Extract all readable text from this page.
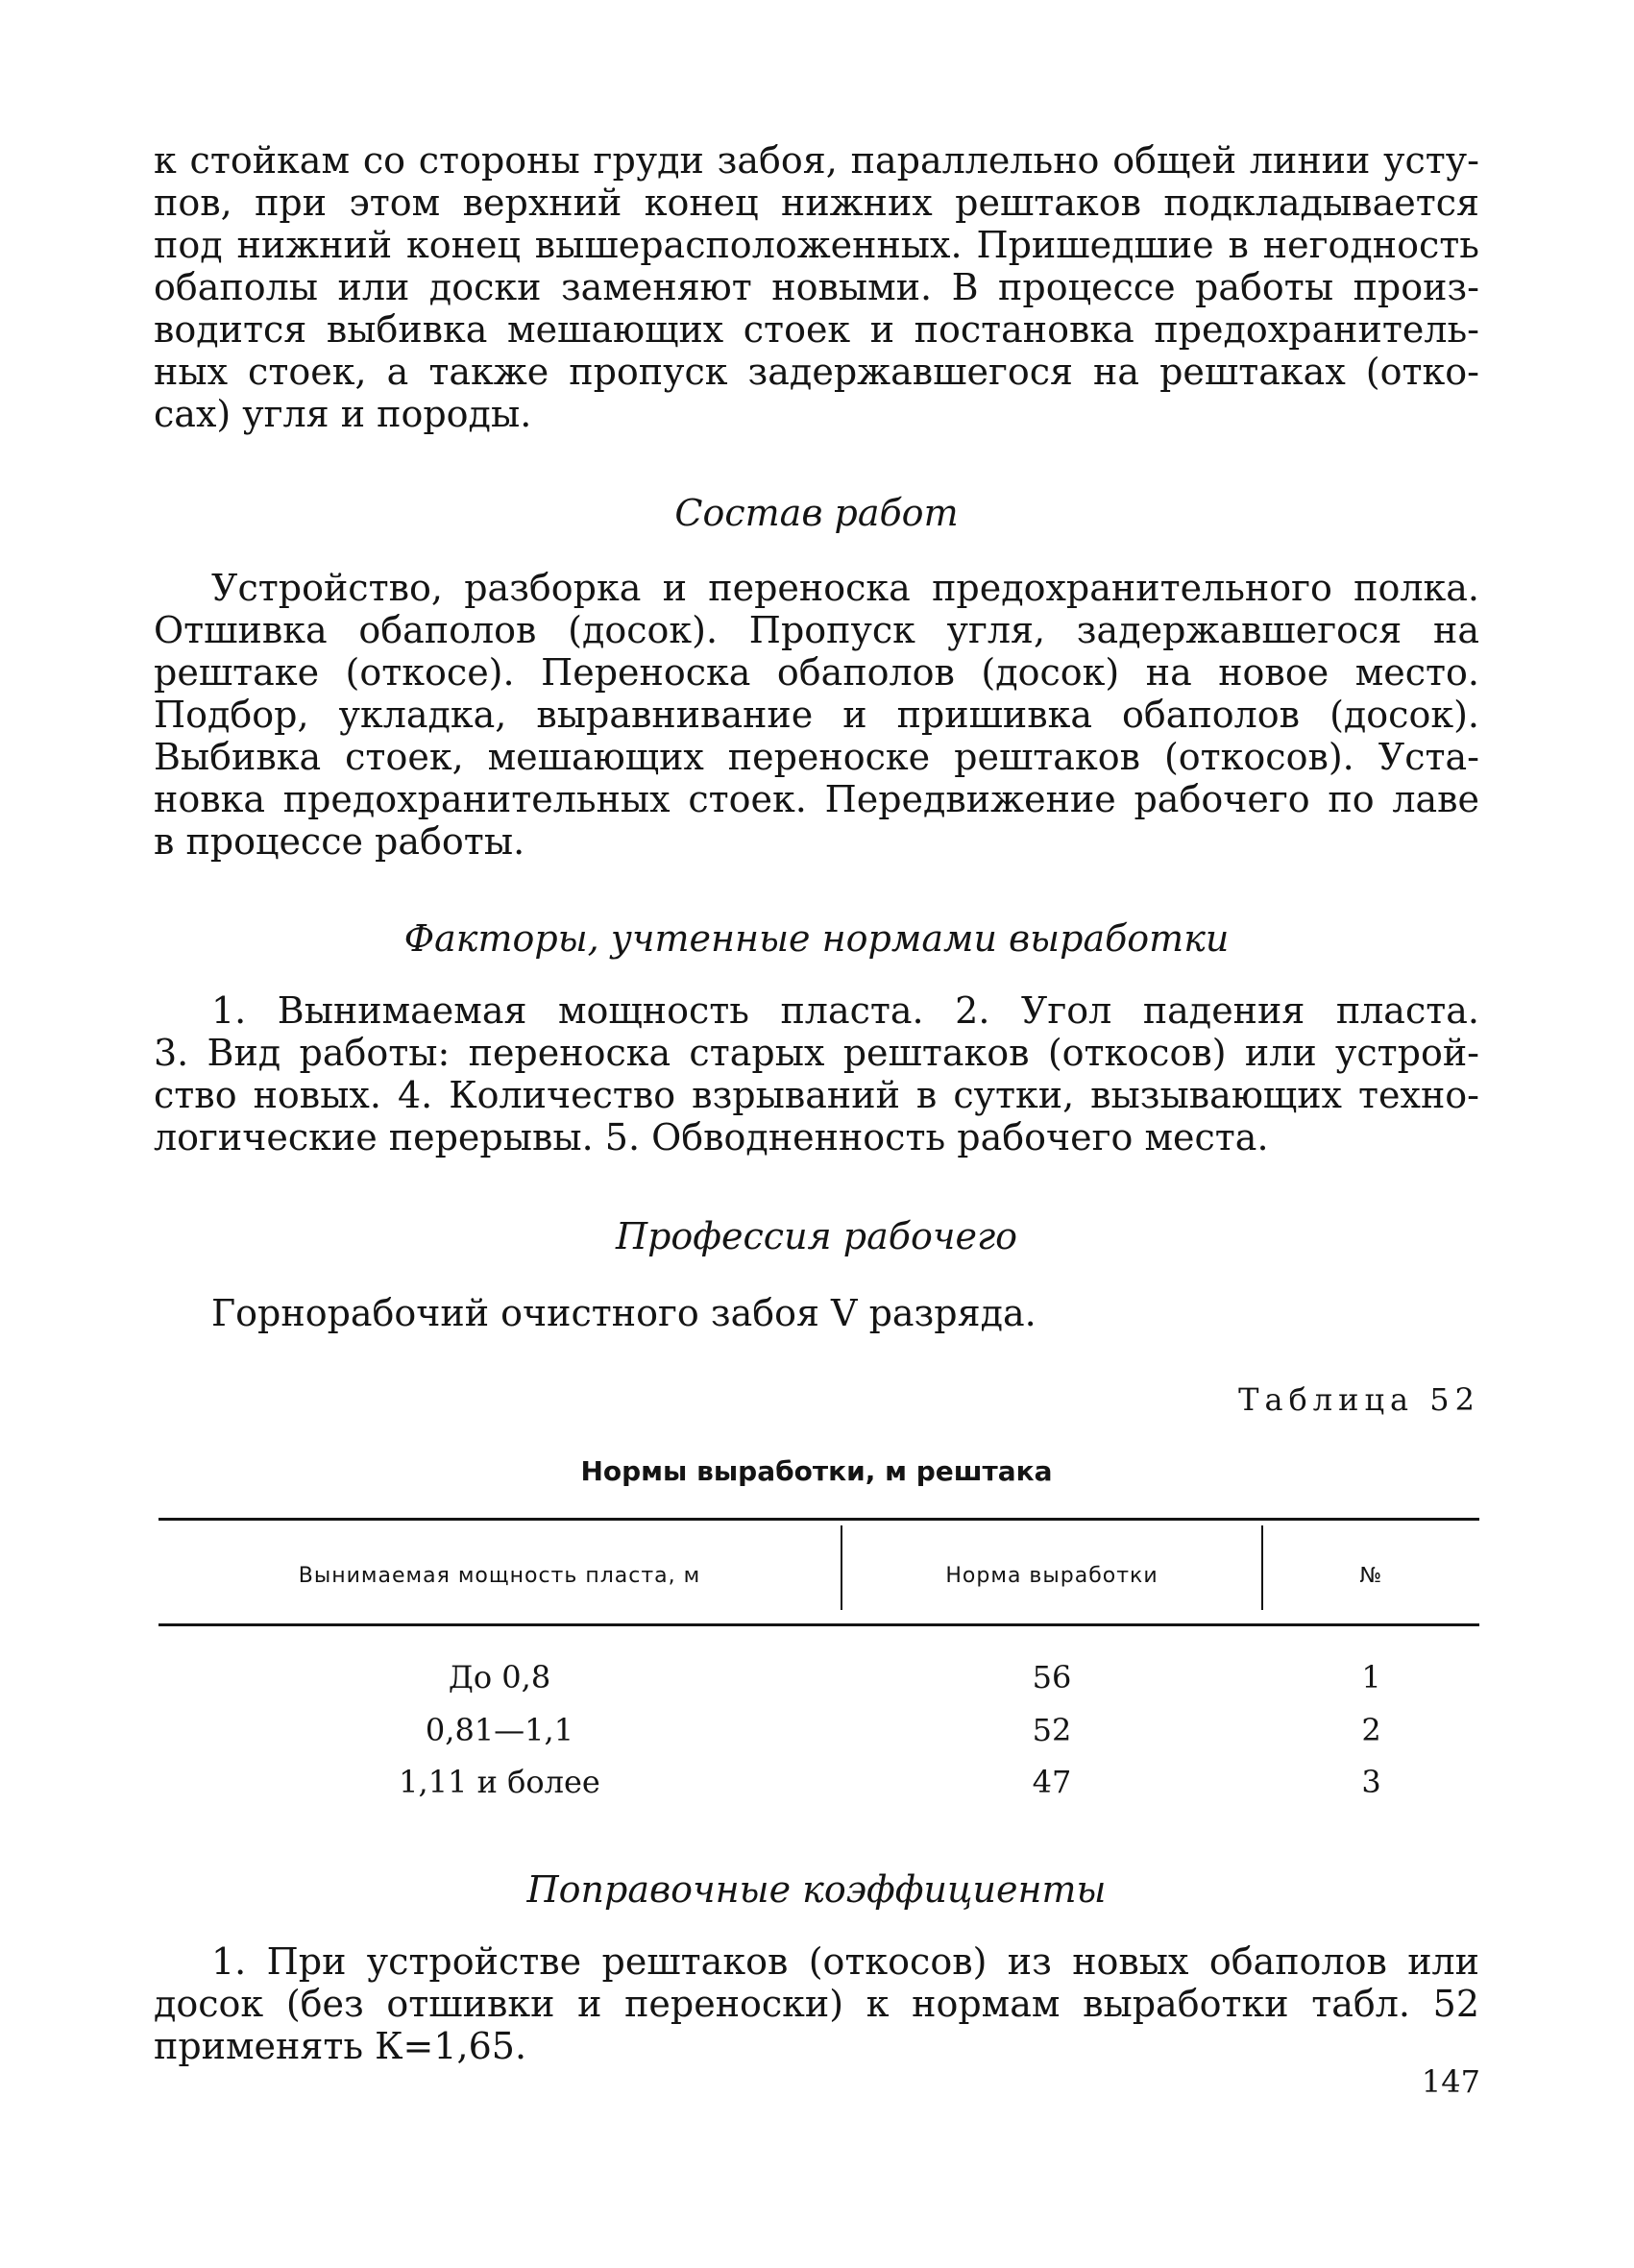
к стойкам со стороны груди забоя, параллельно общей линии усту-
пов, при этом верхний конец нижних рештаков подкладывается
под нижний конец вышерасположенных. Пришедшие в негодность
обаполы или доски заменяют новыми. В процессе работы произ-
водится выбивка мешающих стоек и постановка предохранитель-
ных стоек, а также пропуск задержавшегося на рештаках (отко-
сах) угля и породы.

Состав работ

Устройство, разборка и переноска предохранительного полка.
Отшивка обаполов (досок). Пропуск угля, задержавшегося на
рештаке (откосе). Переноска обаполов (досок) на новое место.
Подбор, укладка, выравнивание и пришивка обаполов (досок).
Выбивка стоек, мешающих переноске рештаков (откосов). Уста-
новка предохранительных стоек. Передвижение рабочего по лаве
в процессе работы.

Факторы, учтенные нормами выработки

1. Вынимаемая мощность пласта. 2. Угол падения пласта.
3. Вид работы: переноска старых рештаков (откосов) или устрой-
ство новых. 4. Количество взрываний в сутки, вызывающих техно-
логические перерывы. 5. Обводненность рабочего места.

Профессия рабочего

Горнорабочий очистного забоя V разряда.

Таблица 52

Нормы выработки, м рештака

Вынимаемая мощность пласта, м	Норма выработки	№

До 0,8	56	1

0,81—1,1	52	2

1,11 и более	47	3

Поправочные коэффициенты

1. При устройстве рештаков (откосов) из новых обаполов или
досок (без отшивки и переноски) к нормам выработки табл. 52
применять К=1,65.

147
